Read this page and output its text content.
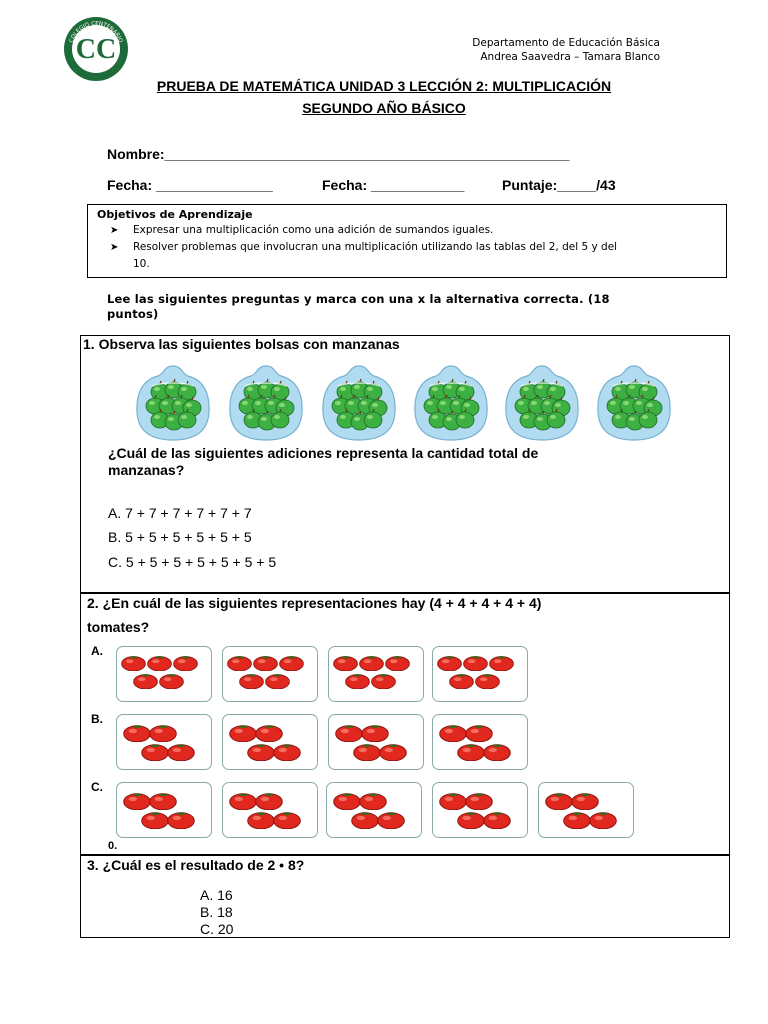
CC
COLEGIO CENTENARIO	Departamento de Educación Básica
Andrea Saavedra – Tamara Blanco
PRUEBA DE MATEMÁTICA UNIDAD 3 LECCIÓN 2: MULTIPLICACIÓN
SEGUNDO AÑO BÁSICO
Nombre:____________________________________________________
Fecha: _______________	Fecha: ____________	Puntaje:_____/43
Objetivos de Aprendizaje
➤ Expresar una multiplicación como una adición de sumandos iguales.
➤ Resolver problemas que involucran una multiplicación utilizando las tablas del 2, del 5 y del
10.
Lee las siguientes preguntas y marca con una x la alternativa correcta. (18
puntos)
1. Observa las siguientes bolsas con manzanas
¿Cuál de las siguientes adiciones representa la cantidad total de
manzanas?
A. 7 + 7 + 7 + 7 + 7 + 7
B. 5 + 5 + 5 + 5 + 5 + 5
C. 5 + 5 + 5 + 5 + 5 + 5 + 5
2. ¿En cuál de las siguientes representaciones hay (4 + 4 + 4 + 4 + 4)
tomates?
A.
B.
C.
0.
3. ¿Cuál es el resultado de 2 • 8?
A. 16
B. 18
C. 20
